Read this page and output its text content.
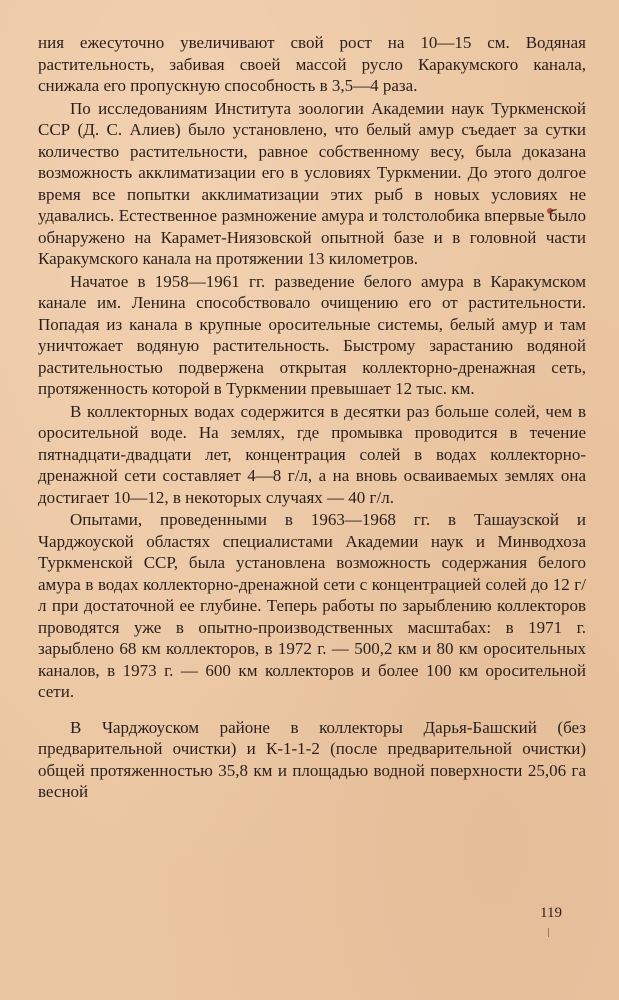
ния ежесуточно увеличивают свой рост на 10—15 см. Водяная растительность, забивая своей массой русло Каракумского канала, снижала его пропускную способность в 3,5—4 раза.

По исследованиям Института зоологии Академии наук Туркменской ССР (Д. С. Алиев) было установлено, что белый амур съедает за сутки количество растительности, равное собственному весу, была доказана возможность акклиматизации его в условиях Туркмении. До этого долгое время все попытки акклиматизации этих рыб в новых условиях не удавались. Естественное размножение амура и толстолобика впервые было обнаружено на Карамет-Ниязовской опытной базе и в головной части Каракумского канала на протяжении 13 километров.

Начатое в 1958—1961 гг. разведение белого амура в Каракумском канале им. Ленина способствовало очищению его от растительности. Попадая из канала в крупные оросительные системы, белый амур и там уничтожает водяную растительность. Быстрому зарастанию водяной растительностью подвержена открытая коллекторно-дренажная сеть, протяженность которой в Туркмении превышает 12 тыс. км.

В коллекторных водах содержится в десятки раз больше солей, чем в оросительной воде. На землях, где промывка проводится в течение пятнадцати-двадцати лет, концентрация солей в водах коллекторно-дренажной сети составляет 4—8 г/л, а на вновь осваиваемых землях она достигает 10—12, в некоторых случаях — 40 г/л.

Опытами, проведенными в 1963—1968 гг. в Ташаузской и Чарджоуской областях специалистами Академии наук и Минводхоза Туркменской ССР, была установлена возможность содержания белого амура в водах коллекторно-дренажной сети с концентрацией солей до 12 г/л при достаточной ее глубине. Теперь работы по зарыблению коллекторов проводятся уже в опытно-производственных масштабах: в 1971 г. зарыблено 68 км коллекторов, в 1972 г. — 500,2 км и 80 км оросительных каналов, в 1973 г. — 600 км коллекторов и более 100 км оросительной сети.

В Чарджоуском районе в коллекторы Дарья-Башский (без предварительной очистки) и К-1-1-2 (после предварительной очистки) общей протяженностью 35,8 км и площадью водной поверхности 25,06 га весной

119
